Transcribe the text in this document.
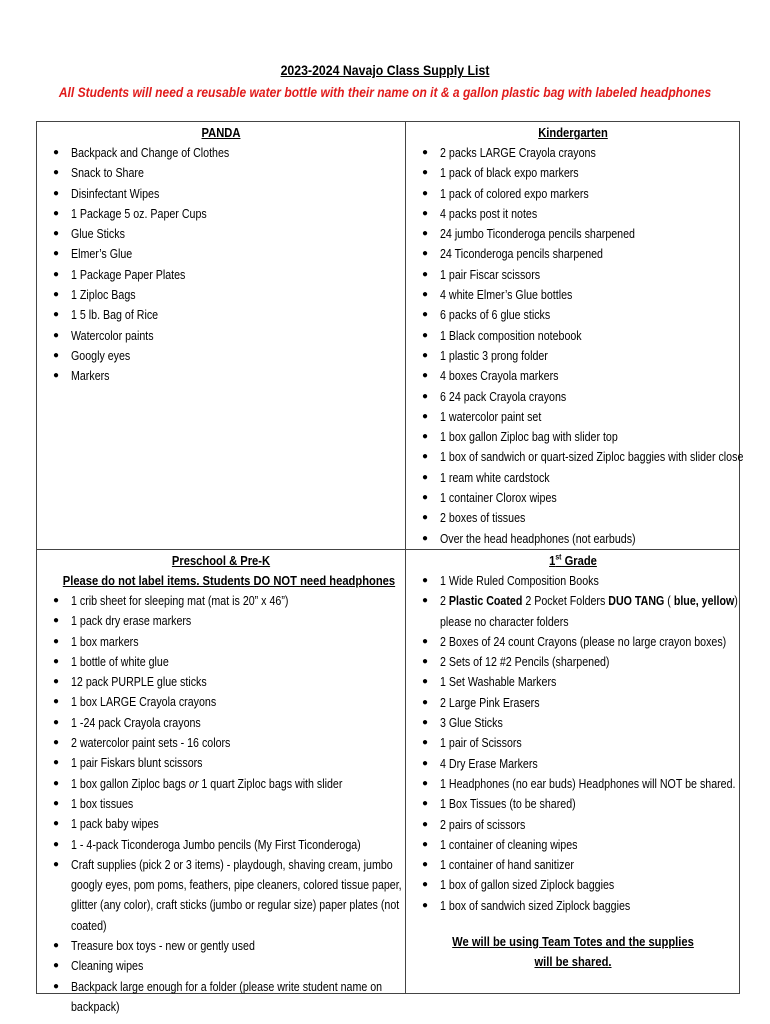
2023-2024 Navajo Class Supply List
All Students will need a reusable water bottle with their name on it & a gallon plastic bag with labeled headphones
PANDA
● Backpack and Change of Clothes
● Snack to Share
● Disinfectant Wipes
● 1 Package 5 oz. Paper Cups
● Glue Sticks
● Elmer’s Glue
● 1 Package Paper Plates
● 1 Ziploc Bags
● 1 5 lb. Bag of Rice
● Watercolor paints
● Googly eyes
● Markers
Kindergarten
● 2 packs LARGE Crayola crayons
● 1 pack of black expo markers
● 1 pack of colored expo markers
● 4 packs post it notes
● 24 jumbo Ticonderoga pencils sharpened
● 24 Ticonderoga pencils sharpened
● 1 pair Fiscar scissors
● 4 white Elmer’s Glue bottles
● 6 packs of 6 glue sticks
● 1 Black composition notebook
● 1 plastic 3 prong folder
● 4 boxes Crayola markers
● 6 24 pack Crayola crayons
● 1 watercolor paint set
● 1 box gallon Ziploc bag with slider top
● 1 box of sandwich or quart-sized Ziploc baggies with slider close
● 1 ream white cardstock
● 1 container Clorox wipes
● 2 boxes of tissues
● Over the head headphones (not earbuds)
Preschool & Pre-K
Please do not label items. Students DO NOT need headphones
● 1 crib sheet for sleeping mat (mat is 20” x 46”)
● 1 pack dry erase markers
● 1 box markers
● 1 bottle of white glue
● 12 pack PURPLE glue sticks
● 1 box LARGE Crayola crayons
● 1 -24 pack Crayola crayons
● 2 watercolor paint sets - 16 colors
● 1 pair Fiskars blunt scissors
● 1 box gallon Ziploc bags or 1 quart Ziploc bags with slider
● 1 box tissues
● 1 pack baby wipes
● 1 - 4-pack Ticonderoga Jumbo pencils (My First Ticonderoga)
● Craft supplies (pick 2 or 3 items) - playdough, shaving cream, jumbo googly eyes, pom poms, feathers, pipe cleaners, colored tissue paper, glitter (any color), craft sticks (jumbo or regular size) paper plates (not coated)
● Treasure box toys - new or gently used
● Cleaning wipes
● Backpack large enough for a folder (please write student name on backpack)
1st Grade
● 1 Wide Ruled Composition Books
● 2 Plastic Coated 2 Pocket Folders DUO TANG ( blue, yellow) please no character folders
● 2 Boxes of 24 count Crayons (please no large crayon boxes)
● 2 Sets of 12 #2 Pencils (sharpened)
● 1 Set Washable Markers
● 2 Large Pink Erasers
● 3 Glue Sticks
● 1 pair of Scissors
● 4 Dry Erase Markers
● 1 Headphones (no ear buds) Headphones will NOT be shared.
● 1 Box Tissues (to be shared)
● 2 pairs of scissors
● 1 container of cleaning wipes
● 1 container of hand sanitizer
● 1 box of gallon sized Ziplock baggies
● 1 box of sandwich sized Ziplock baggies
We will be using Team Totes and the supplies will be shared.
